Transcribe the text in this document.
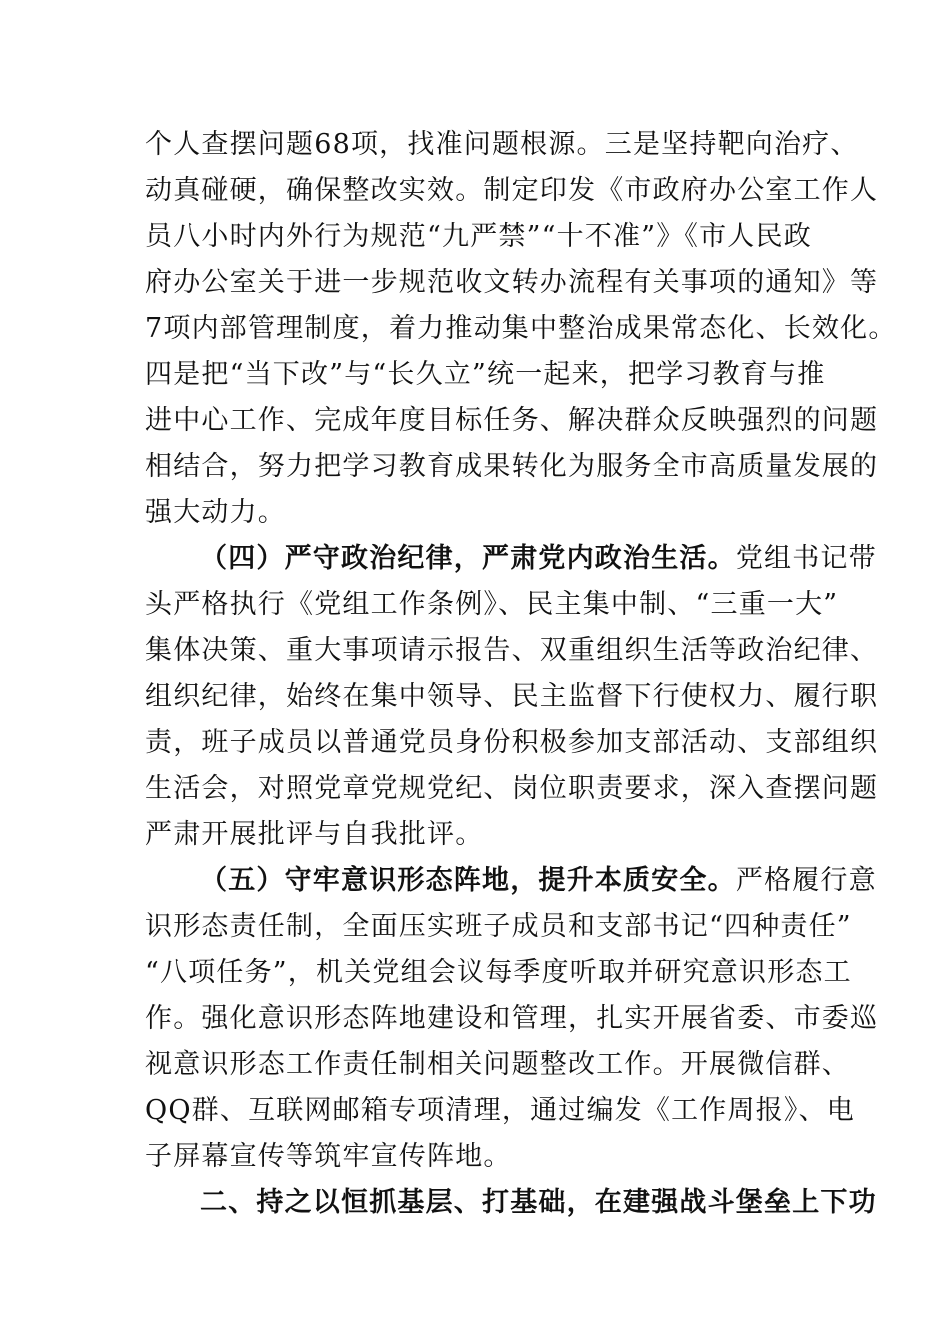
个人查摆问题68项，找准问题根源。三是坚持靶向治疗、
动真碰硬，确保整改实效。制定印发《市政府办公室工作人
员八小时内外行为规范“九严禁”“十不准”》《市人民政
府办公室关于进一步规范收文转办流程有关事项的通知》等
7项内部管理制度，着力推动集中整治成果常态化、长效化。
四是把“当下改”与“长久立”统一起来，把学习教育与推
进中心工作、完成年度目标任务、解决群众反映强烈的问题
相结合，努力把学习教育成果转化为服务全市高质量发展的
强大动力。
（四）严守政治纪律，严肃党内政治生活。党组书记带
头严格执行《党组工作条例》、民主集中制、“三重一大”
集体决策、重大事项请示报告、双重组织生活等政治纪律、
组织纪律，始终在集中领导、民主监督下行使权力、履行职
责，班子成员以普通党员身份积极参加支部活动、支部组织
生活会，对照党章党规党纪、岗位职责要求，深入查摆问题
严肃开展批评与自我批评。
（五）守牢意识形态阵地，提升本质安全。严格履行意
识形态责任制，全面压实班子成员和支部书记“四种责任”
“八项任务”，机关党组会议每季度听取并研究意识形态工
作。强化意识形态阵地建设和管理，扎实开展省委、市委巡
视意识形态工作责任制相关问题整改工作。开展微信群、
QQ群、互联网邮箱专项清理，通过编发《工作周报》、电
子屏幕宣传等筑牢宣传阵地。
二、持之以恒抓基层、打基础，在建强战斗堡垒上下功
